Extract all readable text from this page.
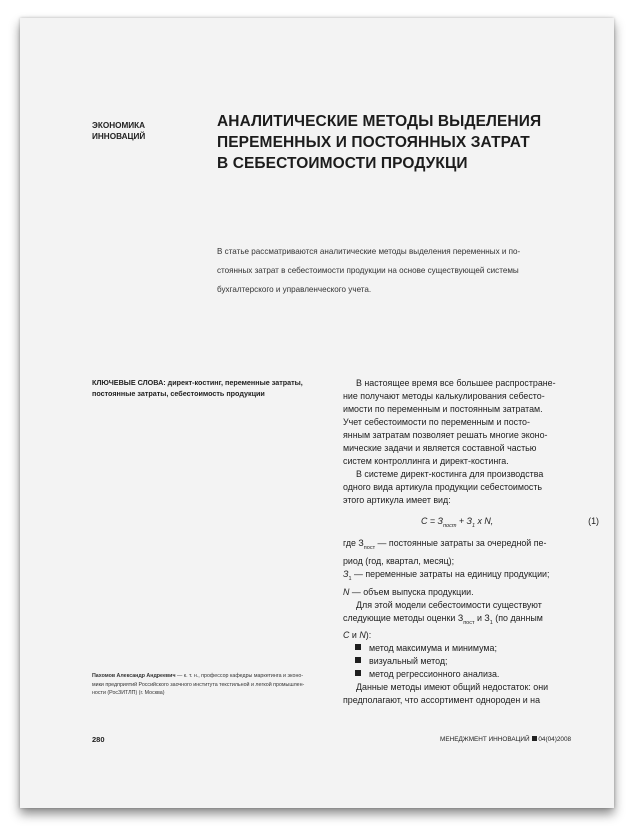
ЭКОНОМИКА
ИННОВАЦИЙ
АНАЛИТИЧЕСКИЕ МЕТОДЫ ВЫДЕЛЕНИЯ
ПЕРЕМЕННЫХ И ПОСТОЯННЫХ ЗАТРАТ
В СЕБЕСТОИМОСТИ ПРОДУКЦИ
В статье рассматриваются аналитические методы выделения переменных и по-
стоянных затрат в себестоимости продукции на основе существующей системы
бухгалтерского и управленческого учета.
КЛЮЧЕВЫЕ СЛОВА: директ-костинг, переменные затраты,
постоянные затраты, себестоимость продукции
Пахомов Александр Андреевич — к. т. н., профессор кафедры маркетинга и эконо-
мики предприятий Российского заочного института текстильной и легкой промышлен-
ности (РосЗИТЛП) (г. Москва)
В настоящее время все большее распростране-
ние получают методы калькулирования себесто-
имости по переменным и постоянным затратам.
Учет себестоимости по переменным и посто-
янным затратам позволяет решать многие эконо-
мические задачи и является составной частью
систем контроллинга и директ-костинга.
В системе директ-костинга для производства
одного вида артикула продукции себестоимость
этого артикула имеет вид:
$C = З_{пост} + З_1$ x N,	(1)
где $З_{пост}$ — постоянные затраты за очередной пе-
риод (год, квартал, месяц);
$З_1$ — переменные затраты на единицу продукции;
N — объем выпуска продукции.
Для этой модели себестоимости существуют
следующие методы оценки $З_{пост}$ и $З_1$ (по данным
C и N):
метод максимума и минимума;
визуальный метод;
метод регрессионного анализа.
Данные методы имеют общий недостаток: они
предполагают, что ассортимент однороден и на
280	МЕНЕДЖМЕНТ ИННОВАЦИЙ 04(04)2008
